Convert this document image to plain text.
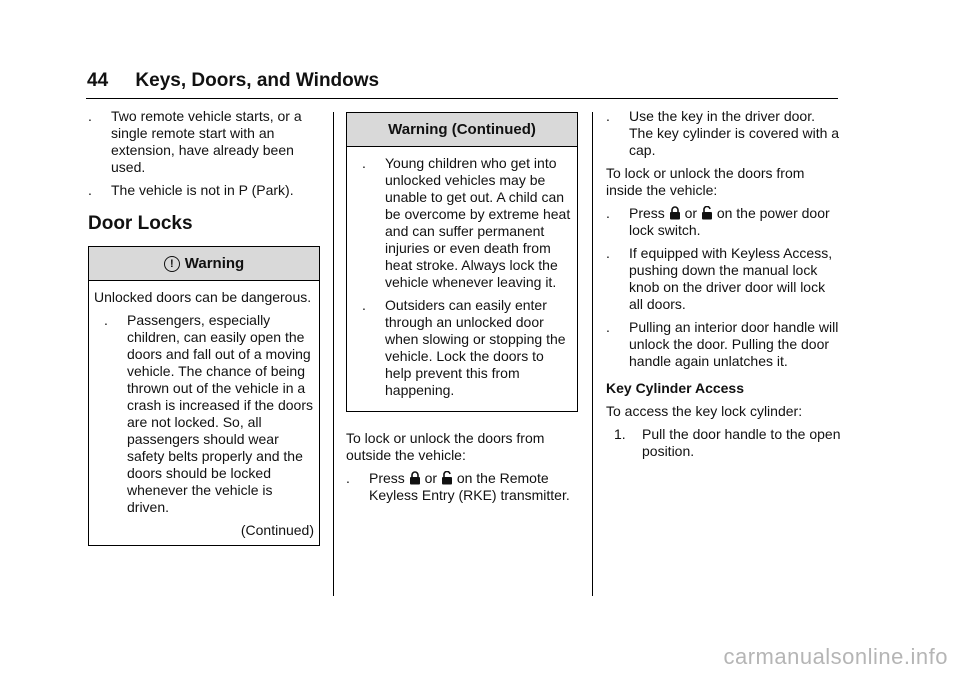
44 Keys, Doors, and Windows
. Two remote vehicle starts, or a single remote start with an extension, have already been used.
. The vehicle is not in P (Park).
Door Locks
! Warning
Unlocked doors can be dangerous.
. Passengers, especially children, can easily open the doors and fall out of a moving vehicle. The chance of being thrown out of the vehicle in a crash is increased if the doors are not locked. So, all passengers should wear safety belts properly and the doors should be locked whenever the vehicle is driven.
(Continued)
Warning (Continued)
. Young children who get into unlocked vehicles may be unable to get out. A child can be overcome by extreme heat and can suffer permanent injuries or even death from heat stroke. Always lock the vehicle whenever leaving it.
. Outsiders can easily enter through an unlocked door when slowing or stopping the vehicle. Lock the doors to help prevent this from happening.
To lock or unlock the doors from outside the vehicle:
. Press or on the Remote Keyless Entry (RKE) transmitter.
. Use the key in the driver door. The key cylinder is covered with a cap.
To lock or unlock the doors from inside the vehicle:
. Press or on the power door lock switch.
. If equipped with Keyless Access, pushing down the manual lock knob on the driver door will lock all doors.
. Pulling an interior door handle will unlock the door. Pulling the door handle again unlatches it.
Key Cylinder Access
To access the key lock cylinder:
1. Pull the door handle to the open position.
carmanualsonline.info
